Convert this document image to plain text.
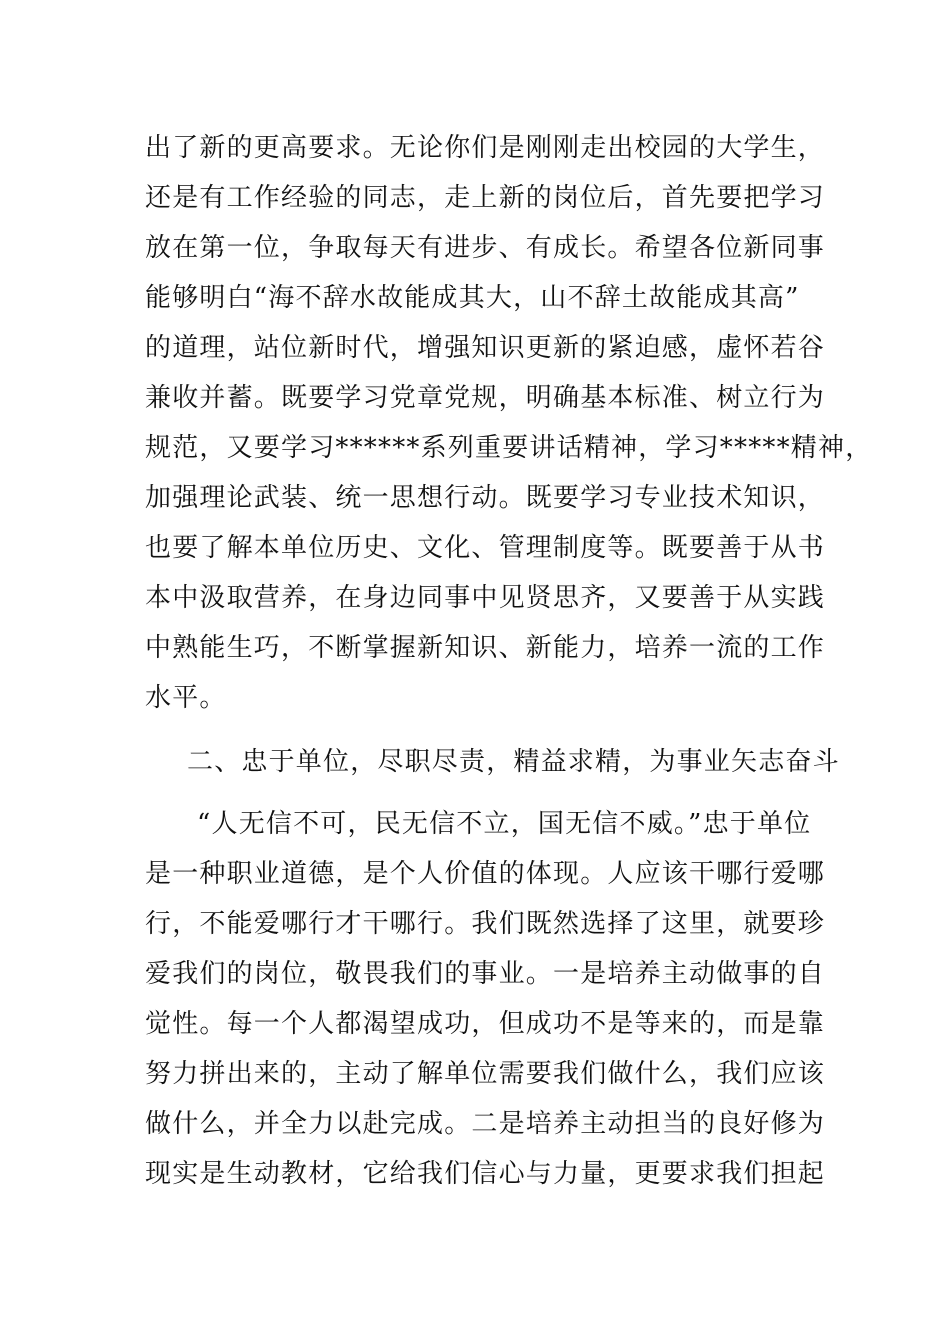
出了新的更高要求。无论你们是刚刚走出校园的大学生，
还是有工作经验的同志，走上新的岗位后，首先要把学习
放在第一位，争取每天有进步、有成长。希望各位新同事
能够明白“海不辞水故能成其大，山不辞土故能成其高”
的道理，站位新时代，增强知识更新的紧迫感，虚怀若谷
兼收并蓄。既要学习党章党规，明确基本标准、树立行为
规范，又要学习******系列重要讲话精神，学习*****精神，
加强理论武装、统一思想行动。既要学习专业技术知识，
也要了解本单位历史、文化、管理制度等。既要善于从书
本中汲取营养，在身边同事中见贤思齐，又要善于从实践
中熟能生巧，不断掌握新知识、新能力，培养一流的工作
水平。
二、忠于单位，尽职尽责，精益求精，为事业矢志奋斗
“人无信不可，民无信不立，国无信不威。”忠于单位
是一种职业道德，是个人价值的体现。人应该干哪行爱哪
行，不能爱哪行才干哪行。我们既然选择了这里，就要珍
爱我们的岗位，敬畏我们的事业。一是培养主动做事的自
觉性。每一个人都渴望成功，但成功不是等来的，而是靠
努力拼出来的，主动了解单位需要我们做什么，我们应该
做什么，并全力以赴完成。二是培养主动担当的良好修为
现实是生动教材，它给我们信心与力量，更要求我们担起
